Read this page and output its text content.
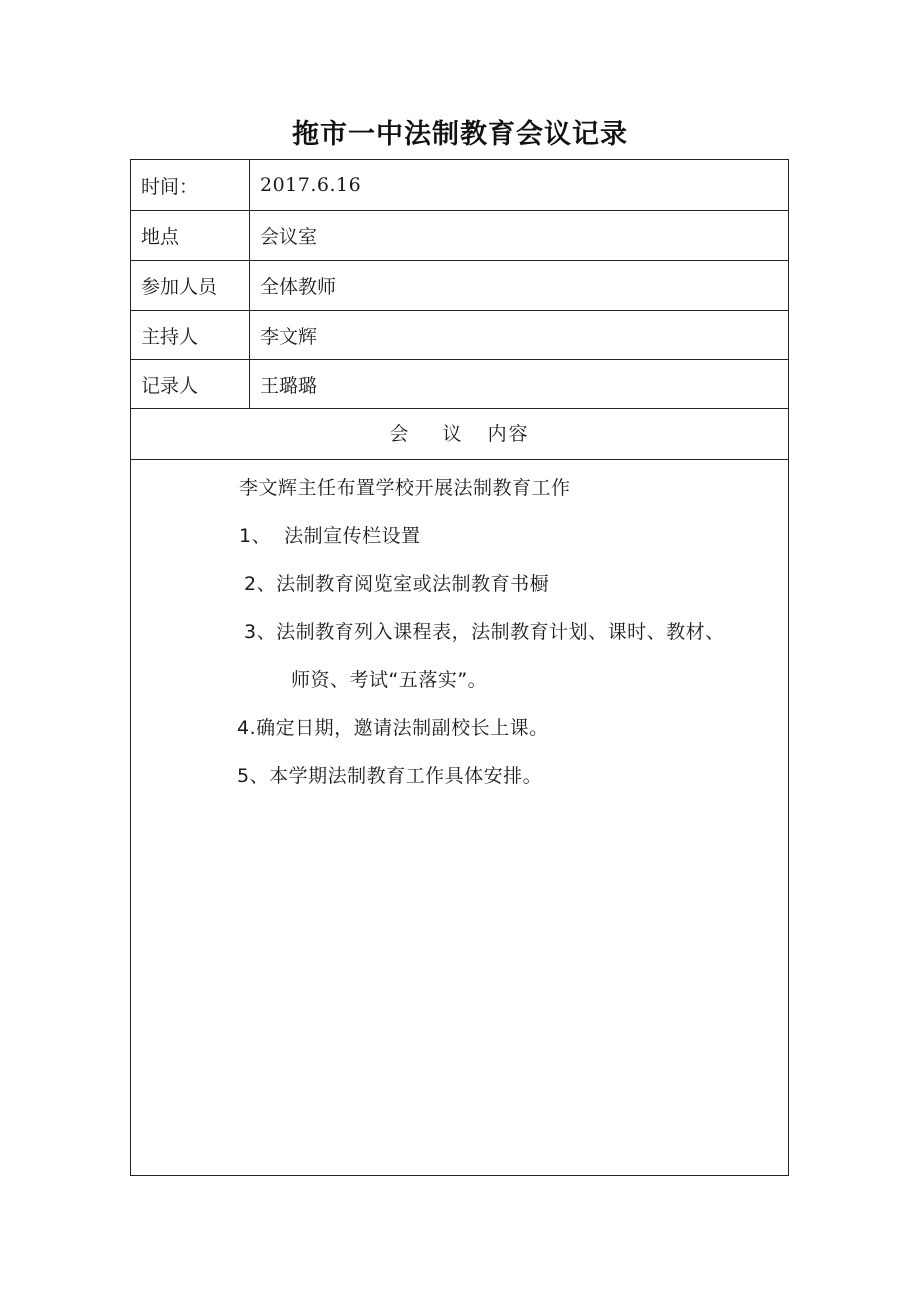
拖市一中法制教育会议记录
时间：	2017.6.16
地点	会议室
参加人员	全体教师
主持人	李文辉
记录人	王璐璐
会    议   内容
李文辉主任布置学校开展法制教育工作
1、  法制宣传栏设置
2、法制教育阅览室或法制教育书橱
3、法制教育列入课程表，法制教育计划、课时、教材、
师资、考试“五落实”。
4.确定日期，邀请法制副校长上课。
5、本学期法制教育工作具体安排。
